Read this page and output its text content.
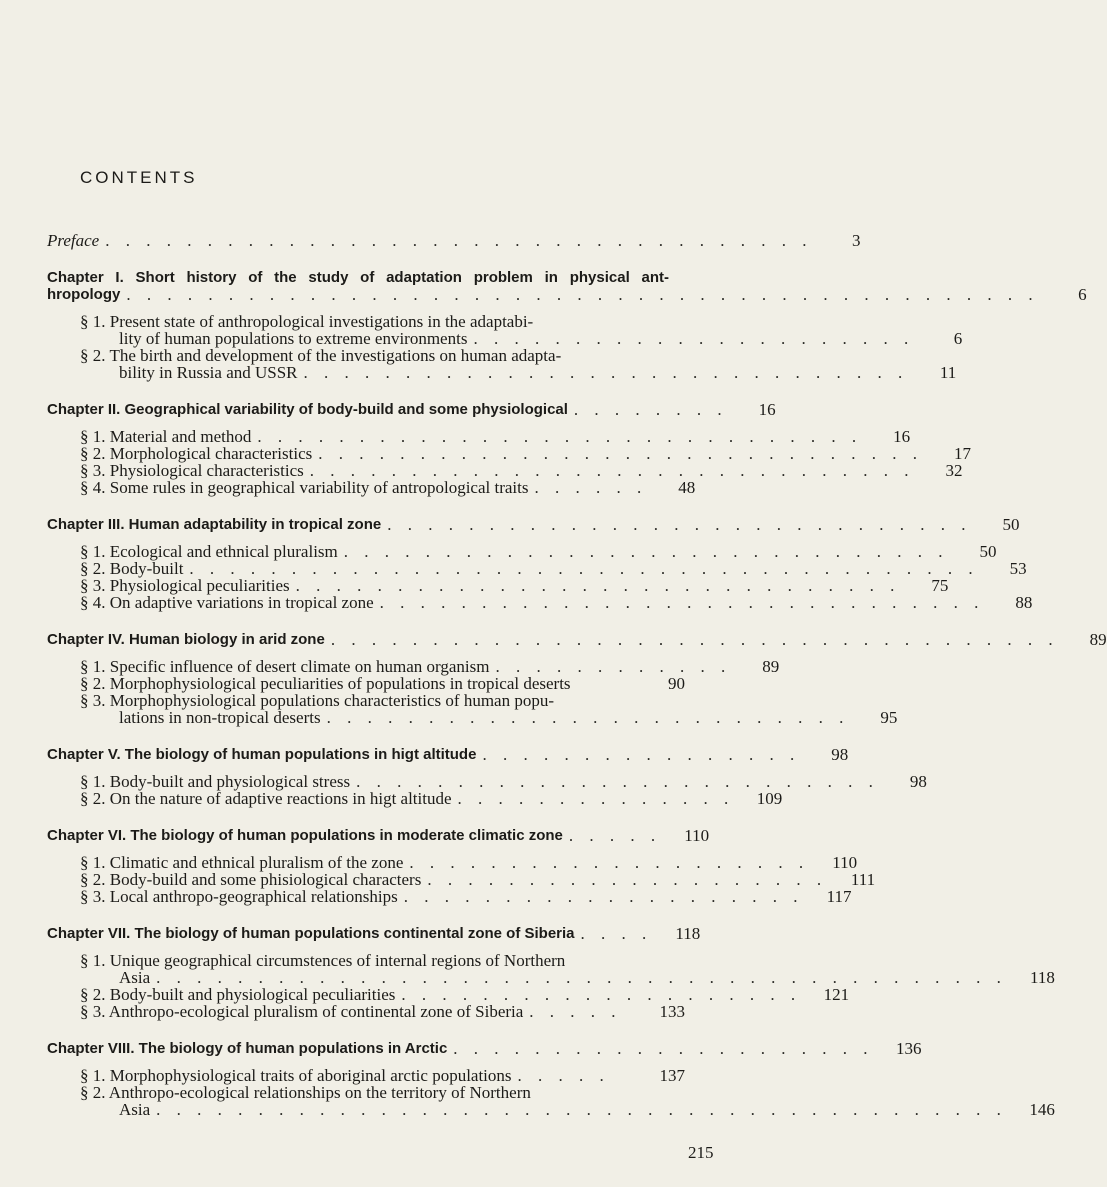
CONTENTS
Preface . . . . . . . . . . . . . . . . . . . . . . . . . . . . . . . . . . .	3
Chapter I. Short history of the study of adaptation problem in physical ant-
hropology . . . . . . . . . . . . . . . . . . . . . . . . . . . . . . . . . . . . . . . . . . . . .	6
§ 1. Present state of anthropological investigations in the adaptabi-
lity of human populations to extreme environments . . . . . . . . . . . . . . . . . . . . . .	6
§ 2. The birth and development of the investigations on human adapta-
bility in Russia and USSR . . . . . . . . . . . . . . . . . . . . . . . . . . . . . .	11
Chapter II. Geographical variability of body-build and some physiological . . . . . . . .	16
§ 1. Material and method . . . . . . . . . . . . . . . . . . . . . . . . . . . . . .	16
§ 2. Morphological characteristics . . . . . . . . . . . . . . . . . . . . . . . . . . . . . .	17
§ 3. Physiological characteristics . . . . . . . . . . . . . . . . . . . . . . . . . . . . . .	32
§ 4. Some rules in geographical variability of antropological traits . . . . . .	48
Chapter III. Human adaptability in tropical zone . . . . . . . . . . . . . . . . . . . . . . . . . . . . .	50
§ 1. Ecological and ethnical pluralism . . . . . . . . . . . . . . . . . . . . . . . . . . . . . .	50
§ 2. Body-built . . . . . . . . . . . . . . . . . . . . . . . . . . . . . . . . . . . . . . .	53
§ 3. Physiological peculiarities . . . . . . . . . . . . . . . . . . . . . . . . . . . . . .	75
§ 4. On adaptive variations in tropical zone . . . . . . . . . . . . . . . . . . . . . . . . . . . . . .	88
Chapter IV. Human biology in arid zone . . . . . . . . . . . . . . . . . . . . . . . . . . . . . . . . . . . .	89
§ 1. Specific influence of desert climate on human organism . . . . . . . . . . . .	89
§ 2. Morphophysiological peculiarities of populations in tropical deserts	90
§ 3. Morphophysiological populations characteristics of human popu-
lations in non-tropical deserts . . . . . . . . . . . . . . . . . . . . . . . . . .	95
Chapter V. The biology of human populations in higt altitude . . . . . . . . . . . . . . . .	98
§ 1. Body-built and physiological stress . . . . . . . . . . . . . . . . . . . . . . . . . .	98
§ 2. On the nature of adaptive reactions in higt altitude . . . . . . . . . . . . . .	109
Chapter VI. The biology of human populations in moderate climatic zone . . . . .	110
§ 1. Climatic and ethnical pluralism of the zone . . . . . . . . . . . . . . . . . . . .	110
§ 2. Body-build and some phisiological characters . . . . . . . . . . . . . . . . . . . .	111
§ 3. Local anthropo-geographical relationships . . . . . . . . . . . . . . . . . . . .	117
Chapter VII. The biology of human populations continental zone of Siberia . . . .	118
§ 1. Unique geographical circumstences of internal regions of Northern
Asia . . . . . . . . . . . . . . . . . . . . . . . . . . . . . . . . . . . . . . . . . .	118
§ 2. Body-built and physiological peculiarities . . . . . . . . . . . . . . . . . . . .	121
§ 3. Anthropo-ecological pluralism of continental zone of Siberia . . . . .	133
Chapter VIII. The biology of human populations in Arctic . . . . . . . . . . . . . . . . . . . . .	136
§ 1. Morphophysiological traits of aboriginal arctic populations . . . . .	137
§ 2. Anthropo-ecological relationships on the territory of Northern
Asia . . . . . . . . . . . . . . . . . . . . . . . . . . . . . . . . . . . . . . . . . .	146
215
